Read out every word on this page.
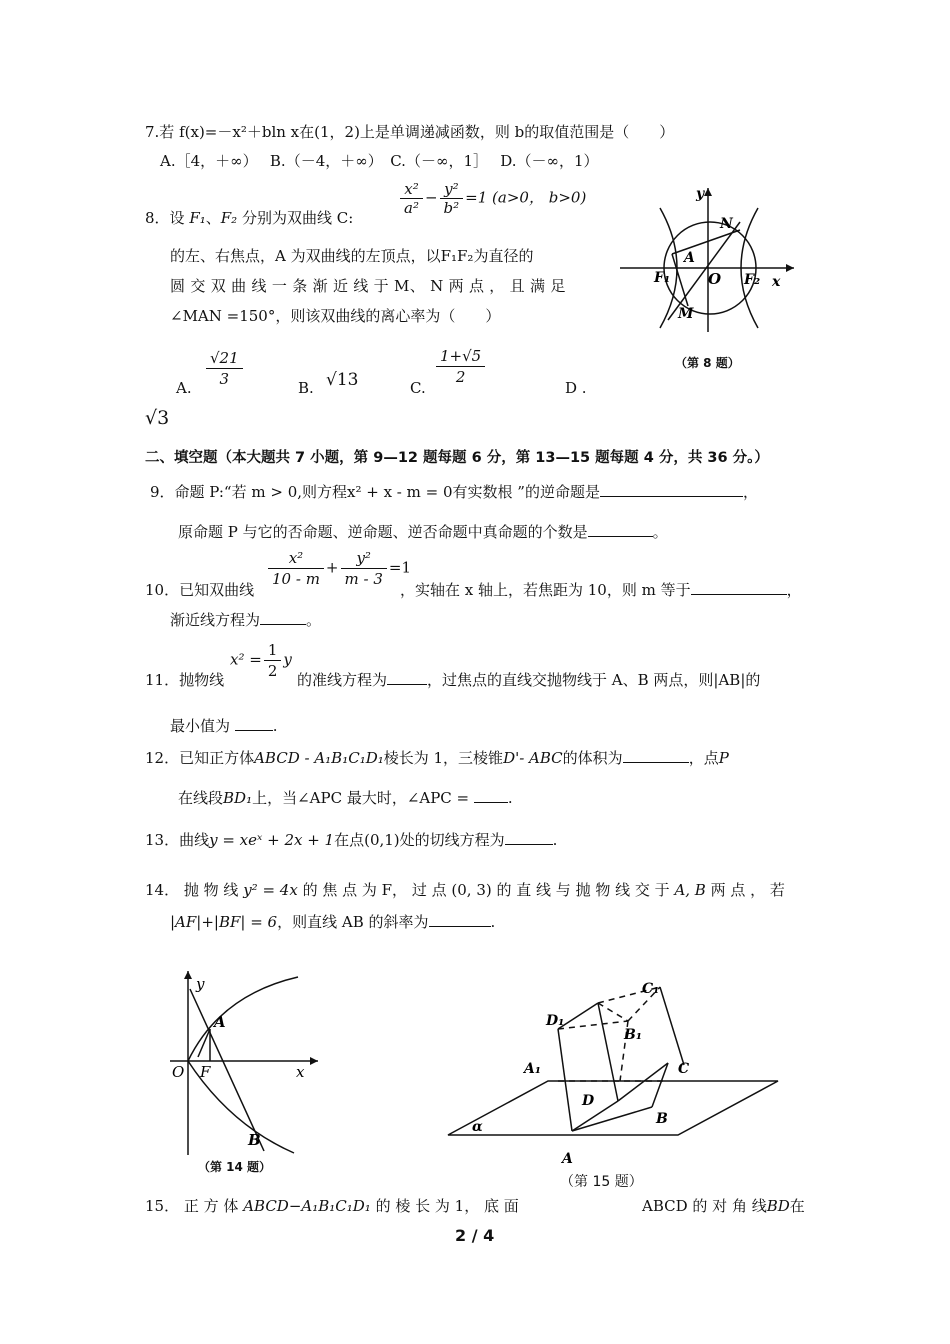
7.若 f(x)=－x²＋bln x在(1，2)上是单调递减函数，则 b的取值范围是（　　）
A.［4，＋∞）　 B.（－4，＋∞）　C.（－∞，1］　 D.（－∞，1）
8．设 F₁、F₂ 分别为双曲线 C:
$\frac{\text{x²}}{\text{a²}} - \frac{\text{y²}}{\text{b²}} =1$ (a>0， b>0)
的左、右焦点，A 为双曲线的左顶点，以F₁F₂为直径的
圆 交 双 曲 线 一 条 渐 近 线 于 M、 N 两 点 ， 且 满 足
∠MAN =150°，则该双曲线的离心率为（　　）
A. $\frac{√21}{3}$	B. √13	C.
$\frac{1+√5}{2}$
D .
√3
y
N
A
F₁	O F₂ x
M
（第 8 题）
二、填空题（本大题共 7 小题，第 9—12 题每题 6 分，第 13—15 题每题 4 分，共 36 分。）
9．命题 P:“若 m > 0,则方程x² + x - m = 0有实数根 ”的逆命题是	，
原命题 P 与它的否命题、逆命题、逆否命题中真命题的个数是	。
10．已知双曲线
$\frac{\text{x²}}{10 - m} + \frac{\text{y²}}{m - 3} =1$
，实轴在 x 轴上，若焦距为 10，则 m 等于	，
渐近线方程为	。
11．抛物线
$x^2 = \frac{1}{2}$ y
的准线方程为	，过焦点的直线交抛物线于 A、B 两点，则|AB|的
最小值为	.
12．已知正方体ABCD - A₁B₁C₁D₁棱长为 1，三棱锥D'- ABC的体积为	，点P
在线段BD₁上，当∠APC 最大时，∠APC =	.
13．曲线y = xeˣ + 2x + 1在点(0,1)处的切线方程为	.
14． 抛 物 线 y² = 4x 的 焦 点 为 F， 过 点 (0, 3) 的 直 线 与 抛 物 线 交 于 A, B 两 点 ， 若
|AF|+|BF| = 6，则直线 AB 的斜率为	.
y
A
O F	x
B
（第 14 题）
C₁
D₁
B₁
A₁	C
D
B
α
A
（第 15 题）
15． 正 方 体 ABCD−A₁B₁C₁D₁ 的 棱 长 为 1， 底 面	ABCD 的 对 角 线BD在
2 / 4
